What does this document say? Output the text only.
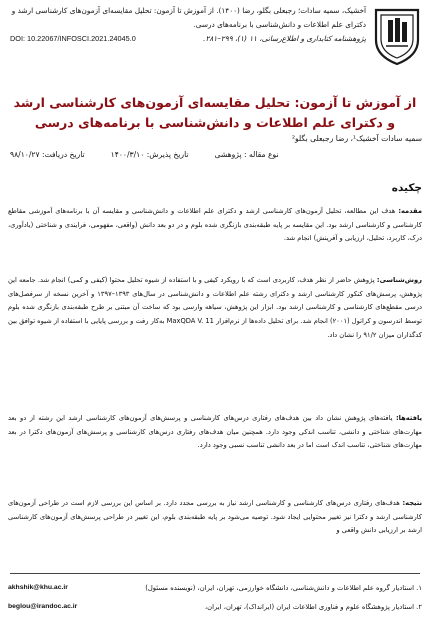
آخشیک، سمیه سادات؛ رجبعلی بگلو، رضا (۱۴۰۰). از آموزش تا آزمون: تحلیل مقایسه‌ای آزمون‌های کارشناسی ارشد و دکترای علم اطلاعات و دانش‌شناسی با برنامه‌های درسی.
DOI: 10.22067/INFOSCI.2021.24045.0	پژوهشنامه کتابداری و اطلاع‌رسانی، ۱۱ (۱)، ۲۹۹–۲۸۱.
از آموزش تا آزمون: تحلیل مقایسه‌ای آزمون‌های کارشناسی ارشد و دکترای علم اطلاعات و دانش‌شناسی با برنامه‌های درسی
سمیه سادات آخشیک¹، رضا رجبعلی بگلو²
تاریخ دریافت: ۹۸/۱۰/۲۷	تاریخ پذیرش: ۱۴۰۰/۳/۱۰	نوع مقاله : پژوهشی
چکیده
مقدمه: هدف این مطالعه، تحلیل آزمون‌های کارشناسی ارشد و دکترای علم اطلاعات و دانش‌شناسی و مقایسه آن با برنامه‌های آموزشی مقاطع کارشناسی و کارشناسی ارشد بود. این مقایسه بر پایه طبقه‌بندی بازنگری شده بلوم و در دو بعد دانش (واقعی، مفهومی، فرایندی و شناختی (یادآوری، درک، کاربرد، تحلیل، ارزیابی و آفرینش) انجام شد.
روش‌شناسی: پژوهش حاضر از نظر هدف، کاربردی است که با رویکرد کیفی و با استفاده از شیوه تحلیل محتوا (کیفی و کمی) انجام شد. جامعه این پژوهش، پرسش‌های کنکور کارشناسی ارشد و دکترای رشته علم اطلاعات و دانش‌شناسی در سال‌های ۱۳۹۳–۱۳۹۷ و آخرین نسخه از سرفصل‌های درسی مقطع‌های کارشناسی و کارشناسی ارشد بود. ابزار این پژوهش، سیاهه وارسی بود که ساخت آن مبتنی بر طرح طبقه‌بندی بازنگری شده بلوم توسط اندرسون و کراتول (۲۰۰۱) انجام شد. برای تحلیل داده‌ها از نرم‌افزار MaxQDA V. 11 به‌کار رفت و بررسی پایایی با استفاده از شیوه توافق بین کدگذاران میزان ۹۱/۲ را نشان داد.
یافته‌ها: یافته‌های پژوهش نشان داد بین هدف‌های رفتاری درس‌های کارشناسی و پرسش‌های آزمون‌های کارشناسی ارشد این رشته از دو بعد مهارت‌های شناختی و دانشی، تناسب اندکی وجود دارد. همچنین میان هدف‌های رفتاری درس‌های کارشناسی و پرسش‌های آزمون‌های دکترا در بعد مهارت‌های شناختی، تناسب اندک است اما در بعد دانشی تناسب نسبی وجود دارد.
نتیجه: هدف‌های رفتاری درس‌های کارشناسی و کارشناسی ارشد نیاز به بررسی مجدد دارد. بر اساس این بررسی لازم است در طراحی آزمون‌های کارشناسی ارشد و دکترا نیز تغییر محتوایی ایجاد شود. توصیه می‌شود بر پایه طبقه‌بندی بلوم، این تغییر در طراحی پرسش‌های آزمون‌های کارشناسی ارشد بر ارزیابی دانش واقعی و
۱. استادیار گروه علم اطلاعات و دانش‌شناسی، دانشگاه خوارزمی، تهران، ایران، (نویسنده مسئول)
akhshik@khu.ac.ir
۲. استادیار پژوهشگاه علوم و فناوری اطلاعات ایران (ایرانداک)، تهران، ایران،
beglou@irandoc.ac.ir
